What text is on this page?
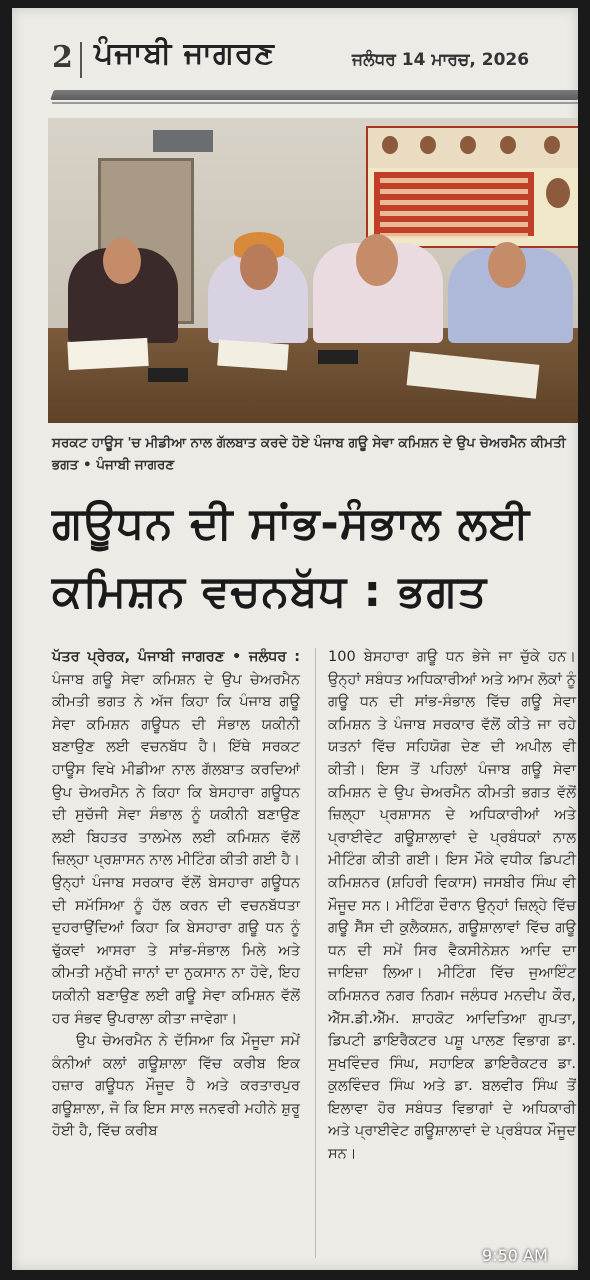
2 ਪੰਜਾਬੀ ਜਾਗਰਣ	ਜਲੰਧਰ 14 ਮਾਰਚ, 2026
ਸਰਕਟ ਹਾਊਸ 'ਚ ਮੀਡੀਆ ਨਾਲ ਗੱਲਬਾਤ ਕਰਦੇ ਹੋਏ ਪੰਜਾਬ ਗਊ ਸੇਵਾ ਕਮਿਸ਼ਨ ਦੇ ਉਪ ਚੇਅਰਮੈਨ ਕੀਮਤੀ ਭਗਤ • ਪੰਜਾਬੀ ਜਾਗਰਣ
ਗਊਧਨ ਦੀ ਸਾਂਭ-ਸੰਭਾਲ ਲਈ ਕਮਿਸ਼ਨ ਵਚਨਬੱਧ : ਭਗਤ

ਪੱਤਰ ਪ੍ਰੇਰਕ, ਪੰਜਾਬੀ ਜਾਗਰਣ • ਜਲੰਧਰ : ਪੰਜਾਬ ਗਊ ਸੇਵਾ ਕਮਿਸ਼ਨ ਦੇ ਉਪ ਚੇਅਰਮੈਨ ਕੀਮਤੀ ਭਗਤ ਨੇ ਅੱਜ ਕਿਹਾ ਕਿ ਪੰਜਾਬ ਗਊ ਸੇਵਾ ਕਮਿਸ਼ਨ ਗਊਧਨ ਦੀ ਸੰਭਾਲ ਯਕੀਨੀ ਬਣਾਉਣ ਲਈ ਵਚਨਬੱਧ ਹੈ। ਇੱਥੇ ਸਰਕਟ ਹਾਊਸ ਵਿਖੇ ਮੀਡੀਆ ਨਾਲ ਗੱਲਬਾਤ ਕਰਦਿਆਂ ਉਪ ਚੇਅਰਮੈਨ ਨੇ ਕਿਹਾ ਕਿ ਬੇਸਹਾਰਾ ਗਊਧਨ ਦੀ ਸੁਚੱਜੀ ਸੇਵਾ ਸੰਭਾਲ ਨੂੰ ਯਕੀਨੀ ਬਣਾਉਣ ਲਈ ਬਿਹਤਰ ਤਾਲਮੇਲ ਲਈ ਕਮਿਸ਼ਨ ਵੱਲੋਂ ਜ਼ਿਲ੍ਹਾ ਪ੍ਰਸ਼ਾਸਨ ਨਾਲ ਮੀਟਿੰਗ ਕੀਤੀ ਗਈ ਹੈ। ਉਨ੍ਹਾਂ ਪੰਜਾਬ ਸਰਕਾਰ ਵੱਲੋਂ ਬੇਸਹਾਰਾ ਗਊਧਨ ਦੀ ਸਮੱਸਿਆ ਨੂੰ ਹੱਲ ਕਰਨ ਦੀ ਵਚਨਬੱਧਤਾ ਦੁਹਰਾਉਂਦਿਆਂ ਕਿਹਾ ਕਿ ਬੇਸਹਾਰਾ ਗਊ ਧਨ ਨੂੰ ਢੁੱਕਵਾਂ ਆਸਰਾ ਤੇ ਸਾਂਭ-ਸੰਭਾਲ ਮਿਲੇ ਅਤੇ ਕੀਮਤੀ ਮਨੁੱਖੀ ਜਾਨਾਂ ਦਾ ਨੁਕਸਾਨ ਨਾ ਹੋਵੇ, ਇਹ ਯਕੀਨੀ ਬਣਾਉਣ ਲਈ ਗਊ ਸੇਵਾ ਕਮਿਸ਼ਨ ਵੱਲੋਂ ਹਰ ਸੰਭਵ ਉਪਰਾਲਾ ਕੀਤਾ ਜਾਵੇਗਾ।

ਉਪ ਚੇਅਰਮੈਨ ਨੇ ਦੱਸਿਆ ਕਿ ਮੌਜੂਦਾ ਸਮੇਂ ਕੰਨੀਆਂ ਕਲਾਂ ਗਊਸ਼ਾਲਾ ਵਿੱਚ ਕਰੀਬ ਇਕ ਹਜ਼ਾਰ ਗਊਧਨ ਮੌਜੂਦ ਹੈ ਅਤੇ ਕਰਤਾਰਪੁਰ ਗਊਸ਼ਾਲਾ, ਜੋ ਕਿ ਇਸ ਸਾਲ ਜਨਵਰੀ ਮਹੀਨੇ ਸ਼ੁਰੂ ਹੋਈ ਹੈ, ਵਿੱਚ ਕਰੀਬ

100 ਬੇਸਹਾਰਾ ਗਊ ਧਨ ਭੇਜੇ ਜਾ ਚੁੱਕੇ ਹਨ। ਉਨ੍ਹਾਂ ਸਬੰਧਤ ਅਧਿਕਾਰੀਆਂ ਅਤੇ ਆਮ ਲੋਕਾਂ ਨੂੰ ਗਊ ਧਨ ਦੀ ਸਾਂਭ-ਸੰਭਾਲ ਵਿੱਚ ਗਊ ਸੇਵਾ ਕਮਿਸ਼ਨ ਤੇ ਪੰਜਾਬ ਸਰਕਾਰ ਵੱਲੋਂ ਕੀਤੇ ਜਾ ਰਹੇ ਯਤਨਾਂ ਵਿੱਚ ਸਹਿਯੋਗ ਦੇਣ ਦੀ ਅਪੀਲ ਵੀ ਕੀਤੀ। ਇਸ ਤੋਂ ਪਹਿਲਾਂ ਪੰਜਾਬ ਗਊ ਸੇਵਾ ਕਮਿਸ਼ਨ ਦੇ ਉਪ ਚੇਅਰਮੈਨ ਕੀਮਤੀ ਭਗਤ ਵੱਲੋਂ ਜ਼ਿਲ੍ਹਾ ਪ੍ਰਸ਼ਾਸਨ ਦੇ ਅਧਿਕਾਰੀਆਂ ਅਤੇ ਪ੍ਰਾਈਵੇਟ ਗਊਸ਼ਾਲਾਵਾਂ ਦੇ ਪ੍ਰਬੰਧਕਾਂ ਨਾਲ ਮੀਟਿੰਗ ਕੀਤੀ ਗਈ। ਇਸ ਮੌਕੇ ਵਧੀਕ ਡਿਪਟੀ ਕਮਿਸ਼ਨਰ (ਸ਼ਹਿਰੀ ਵਿਕਾਸ) ਜਸਬੀਰ ਸਿੰਘ ਵੀ ਮੌਜੂਦ ਸਨ। ਮੀਟਿੰਗ ਦੌਰਾਨ ਉਨ੍ਹਾਂ ਜ਼ਿਲ੍ਹੇ ਵਿੱਚ ਗਊ ਸੈੱਸ ਦੀ ਕੁਲੈਕਸ਼ਨ, ਗਊਸ਼ਾਲਾਵਾਂ ਵਿੱਚ ਗਊ ਧਨ ਦੀ ਸਮੇਂ ਸਿਰ ਵੈਕਸੀਨੇਸ਼ਨ ਆਦਿ ਦਾ ਜਾਇਜ਼ਾ ਲਿਆ। ਮੀਟਿੰਗ ਵਿੱਚ ਜੁਆਇੰਟ ਕਮਿਸ਼ਨਰ ਨਗਰ ਨਿਗਮ ਜਲੰਧਰ ਮਨਦੀਪ ਕੌਰ, ਐੱਸ.ਡੀ.ਐੱਮ. ਸ਼ਾਹਕੋਟ ਆਦਿਤਿਆ ਗੁਪਤਾ, ਡਿਪਟੀ ਡਾਇਰੈਕਟਰ ਪਸ਼ੂ ਪਾਲਣ ਵਿਭਾਗ ਡਾ. ਸੁਖਵਿੰਦਰ ਸਿੰਘ, ਸਹਾਇਕ ਡਾਇਰੈਕਟਰ ਡਾ. ਕੁਲਵਿੰਦਰ ਸਿੰਘ ਅਤੇ ਡਾ. ਬਲਵੀਰ ਸਿੰਘ ਤੋਂ ਇਲਾਵਾ ਹੋਰ ਸਬੰਧਤ ਵਿਭਾਗਾਂ ਦੇ ਅਧਿਕਾਰੀ ਅਤੇ ਪ੍ਰਾਈਵੇਟ ਗਊਸ਼ਾਲਾਵਾਂ ਦੇ ਪ੍ਰਬੰਧਕ ਮੌਜੂਦ ਸਨ।

9:50 AM
